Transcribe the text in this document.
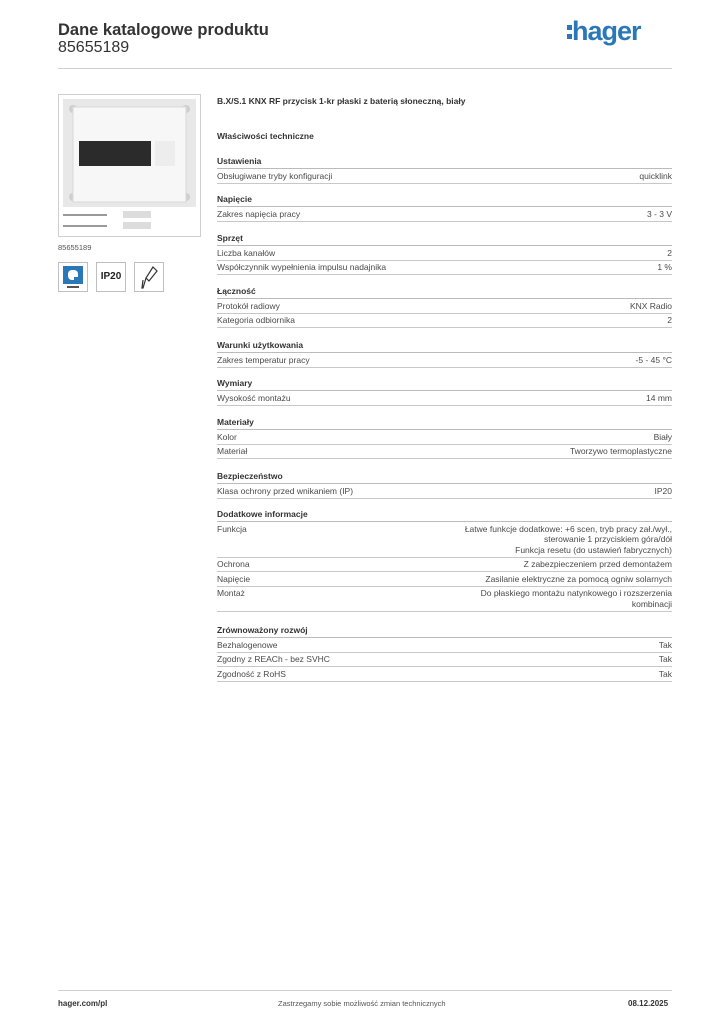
Dane katalogowe produktu
85655189
hager
85655189
IP20
B.X/S.1 KNX RF przycisk 1-kr płaski z baterią słoneczną, biały
Właściwości techniczne
Ustawienia
Obsługiwane tryby konfiguracji	quicklink
Napięcie
Zakres napięcia pracy	3 - 3 V
Sprzęt
Liczba kanałów	2
Współczynnik wypełnienia impulsu nadajnika	1 %
Łączność
Protokół radiowy	KNX Radio
Kategoria odbiornika	2
Warunki użytkowania
Zakres temperatur pracy	-5 - 45 °C
Wymiary
Wysokość montażu	14 mm
Materiały
Kolor	Biały
Materiał	Tworzywo termoplastyczne
Bezpieczeństwo
Klasa ochrony przed wnikaniem (IP)	IP20
Dodatkowe informacje
Funkcja	Łatwe funkcje dodatkowe: +6 scen, tryb pracy zał./wył.,
sterowanie 1 przyciskiem góra/dół
Funkcja resetu (do ustawień fabrycznych)
Ochrona	Z zabezpieczeniem przed demontażem
Napięcie	Zasilanie elektryczne za pomocą ogniw solarnych
Montaż	Do płaskiego montażu natynkowego i rozszerzenia
kombinacji
Zrównoważony rozwój
Bezhalogenowe	Tak
Zgodny z REACh - bez SVHC	Tak
Zgodność z RoHS	Tak
hager.com/pl	Zastrzegamy sobie możliwość zmian technicznych	08.12.2025
